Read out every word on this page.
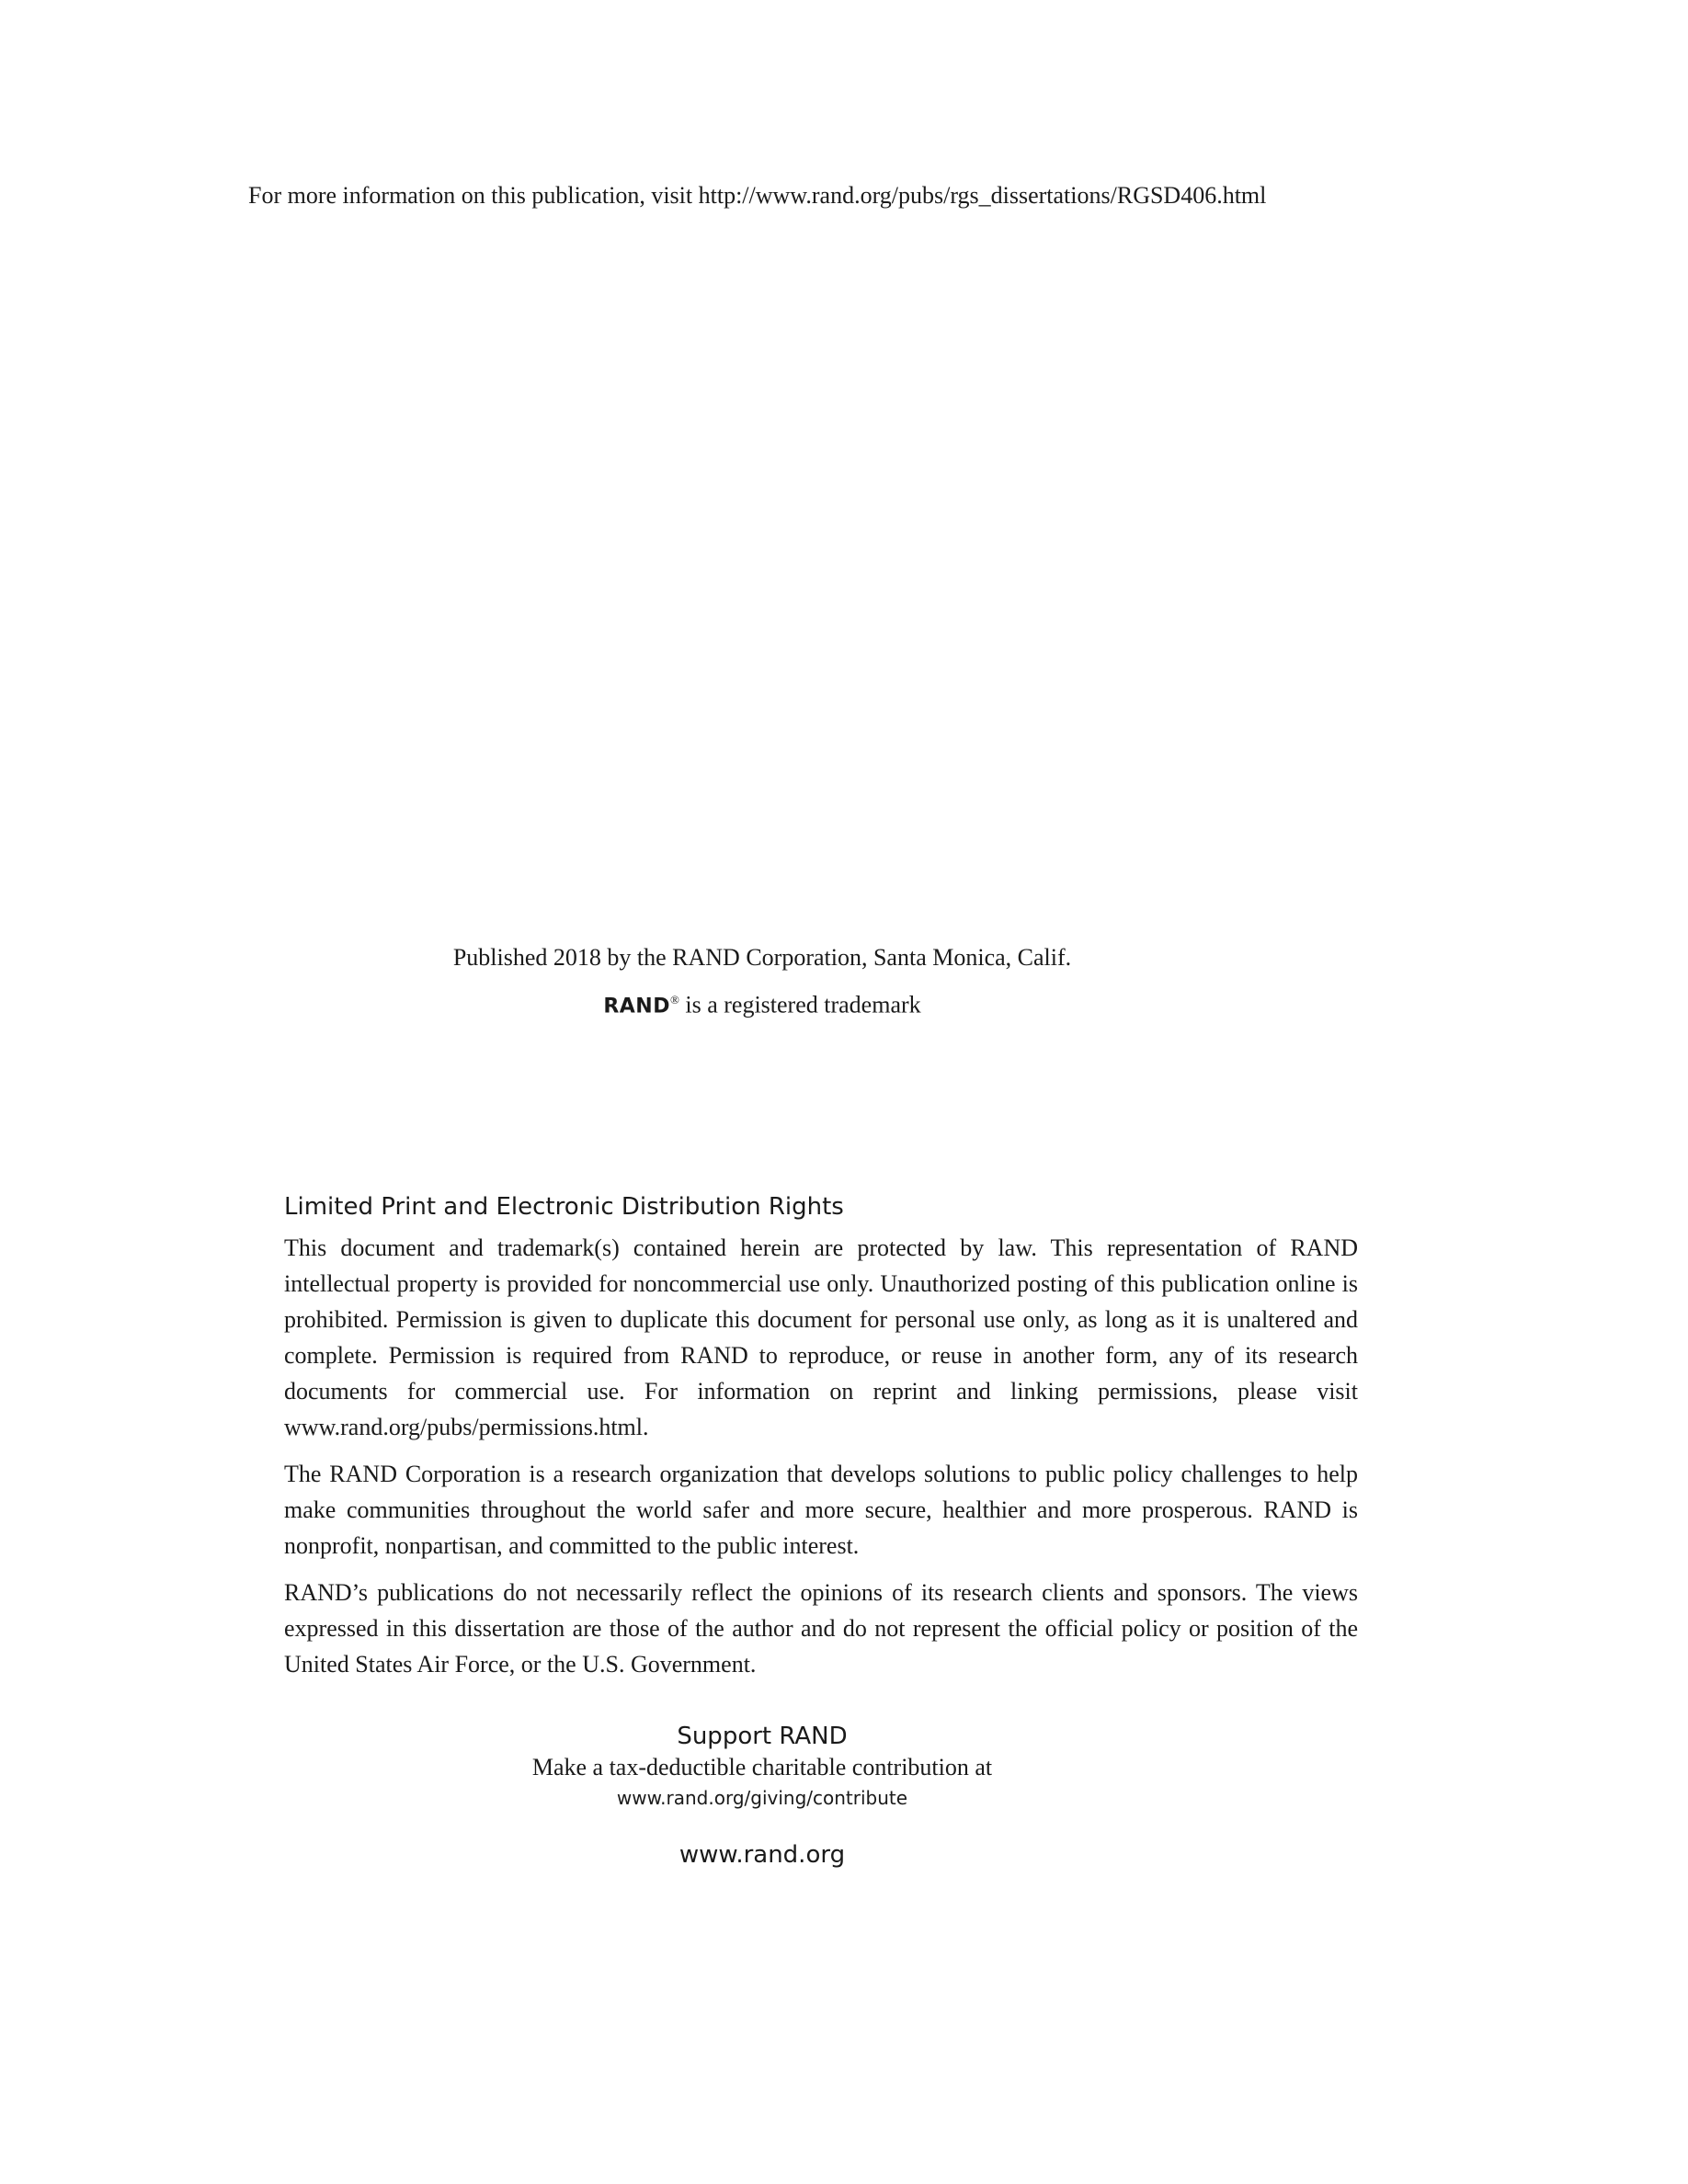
For more information on this publication, visit http://www.rand.org/pubs/rgs_dissertations/RGSD406.html
Published 2018 by the RAND Corporation, Santa Monica, Calif.
RAND® is a registered trademark
Limited Print and Electronic Distribution Rights

This document and trademark(s) contained herein are protected by law. This representation of RAND intellectual property is provided for noncommercial use only. Unauthorized posting of this publication online is prohibited. Permission is given to duplicate this document for personal use only, as long as it is unaltered and complete. Permission is required from RAND to reproduce, or reuse in another form, any of its research documents for commercial use. For information on reprint and linking permissions, please visit www.rand.org/pubs/permissions.html.

The RAND Corporation is a research organization that develops solutions to public policy challenges to help make communities throughout the world safer and more secure, healthier and more prosperous. RAND is nonprofit, nonpartisan, and committed to the public interest.

RAND’s publications do not necessarily reflect the opinions of its research clients and sponsors. The views expressed in this dissertation are those of the author and do not represent the official policy or position of the United States Air Force, or the U.S. Government.

Support RAND
Make a tax-deductible charitable contribution at
www.rand.org/giving/contribute
www.rand.org
